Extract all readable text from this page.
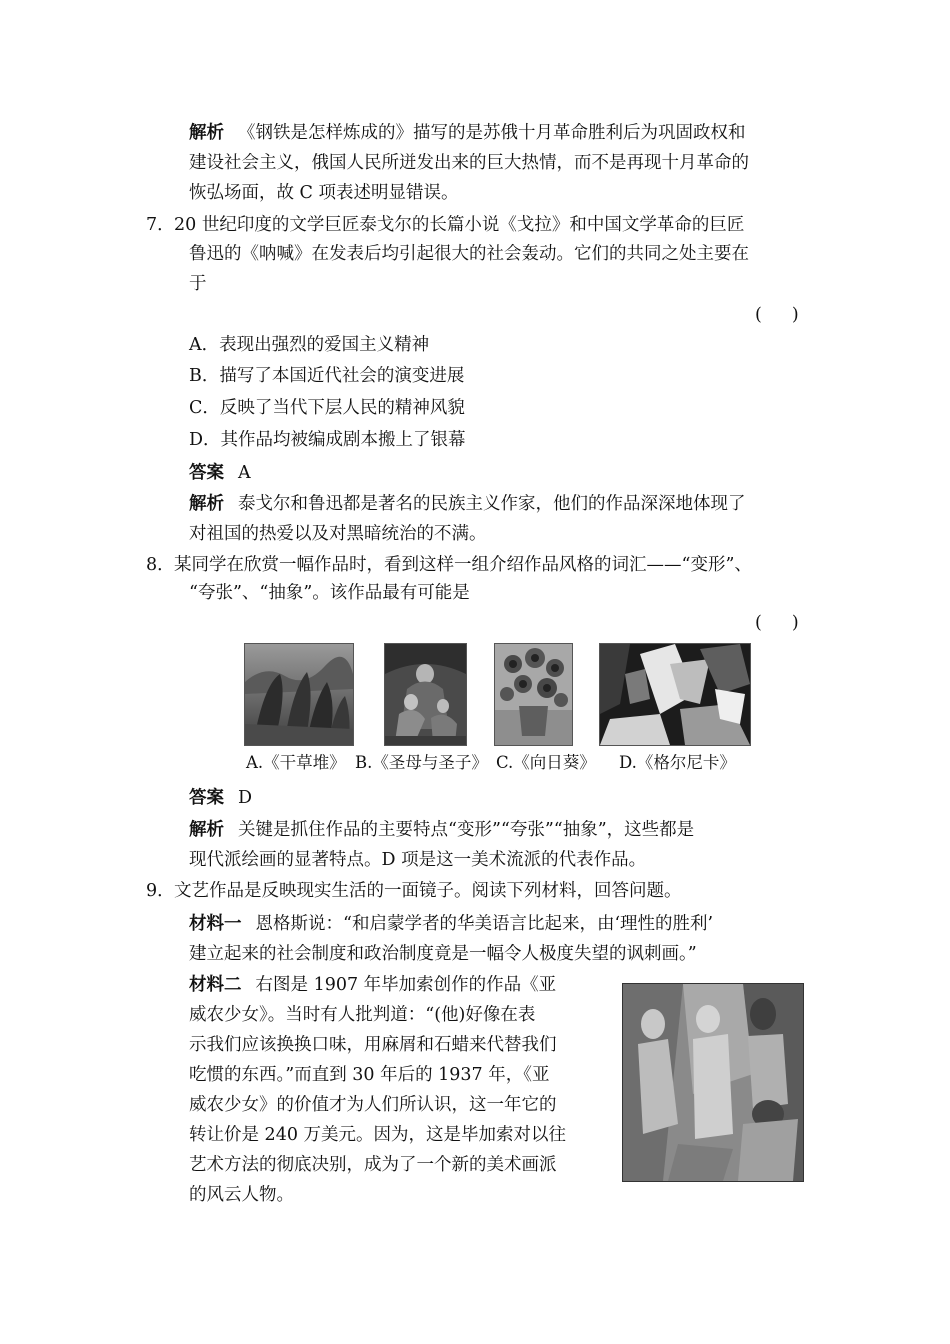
解析 《钢铁是怎样炼成的》描写的是苏俄十月革命胜利后为巩固政权和
建设社会主义，俄国人民所迸发出来的巨大热情，而不是再现十月革命的
恢弘场面，故 C 项表述明显错误。
7． 20 世纪印度的文学巨匠泰戈尔的长篇小说《戈拉》和中国文学革命的巨匠
鲁迅的《呐喊》在发表后均引起很大的社会轰动。它们的共同之处主要在
于
( )
A．表现出强烈的爱国主义精神
B．描写了本国近代社会的演变进展
C．反映了当代下层人民的精神风貌
D．其作品均被编成剧本搬上了银幕
答案 A
解析 泰戈尔和鲁迅都是著名的民族主义作家，他们的作品深深地体现了
对祖国的热爱以及对黑暗统治的不满。
8． 某同学在欣赏一幅作品时，看到这样一组介绍作品风格的词汇——“变形”、
“夸张”、“抽象”。该作品最有可能是
( )
A.《干草堆》 B.《圣母与圣子》 C.《向日葵》 D.《格尔尼卡》
答案 D
解析 关键是抓住作品的主要特点“变形”“夸张”“抽象”，这些都是
现代派绘画的显著特点。D 项是这一美术流派的代表作品。
9． 文艺作品是反映现实生活的一面镜子。阅读下列材料，回答问题。
材料一 恩格斯说：“和启蒙学者的华美语言比起来，由‘理性的胜利’
建立起来的社会制度和政治制度竟是一幅令人极度失望的讽刺画。”
材料二 右图是 1907 年毕加索创作的作品《亚
威农少女》。当时有人批判道：“(他)好像在表
示我们应该换换口味，用麻屑和石蜡来代替我们
吃惯的东西。”而直到 30 年后的 1937 年，《亚
威农少女》的价值才为人们所认识，这一年它的
转让价是 240 万美元。因为，这是毕加索对以往
艺术方法的彻底决别，成为了一个新的美术画派
的风云人物。
